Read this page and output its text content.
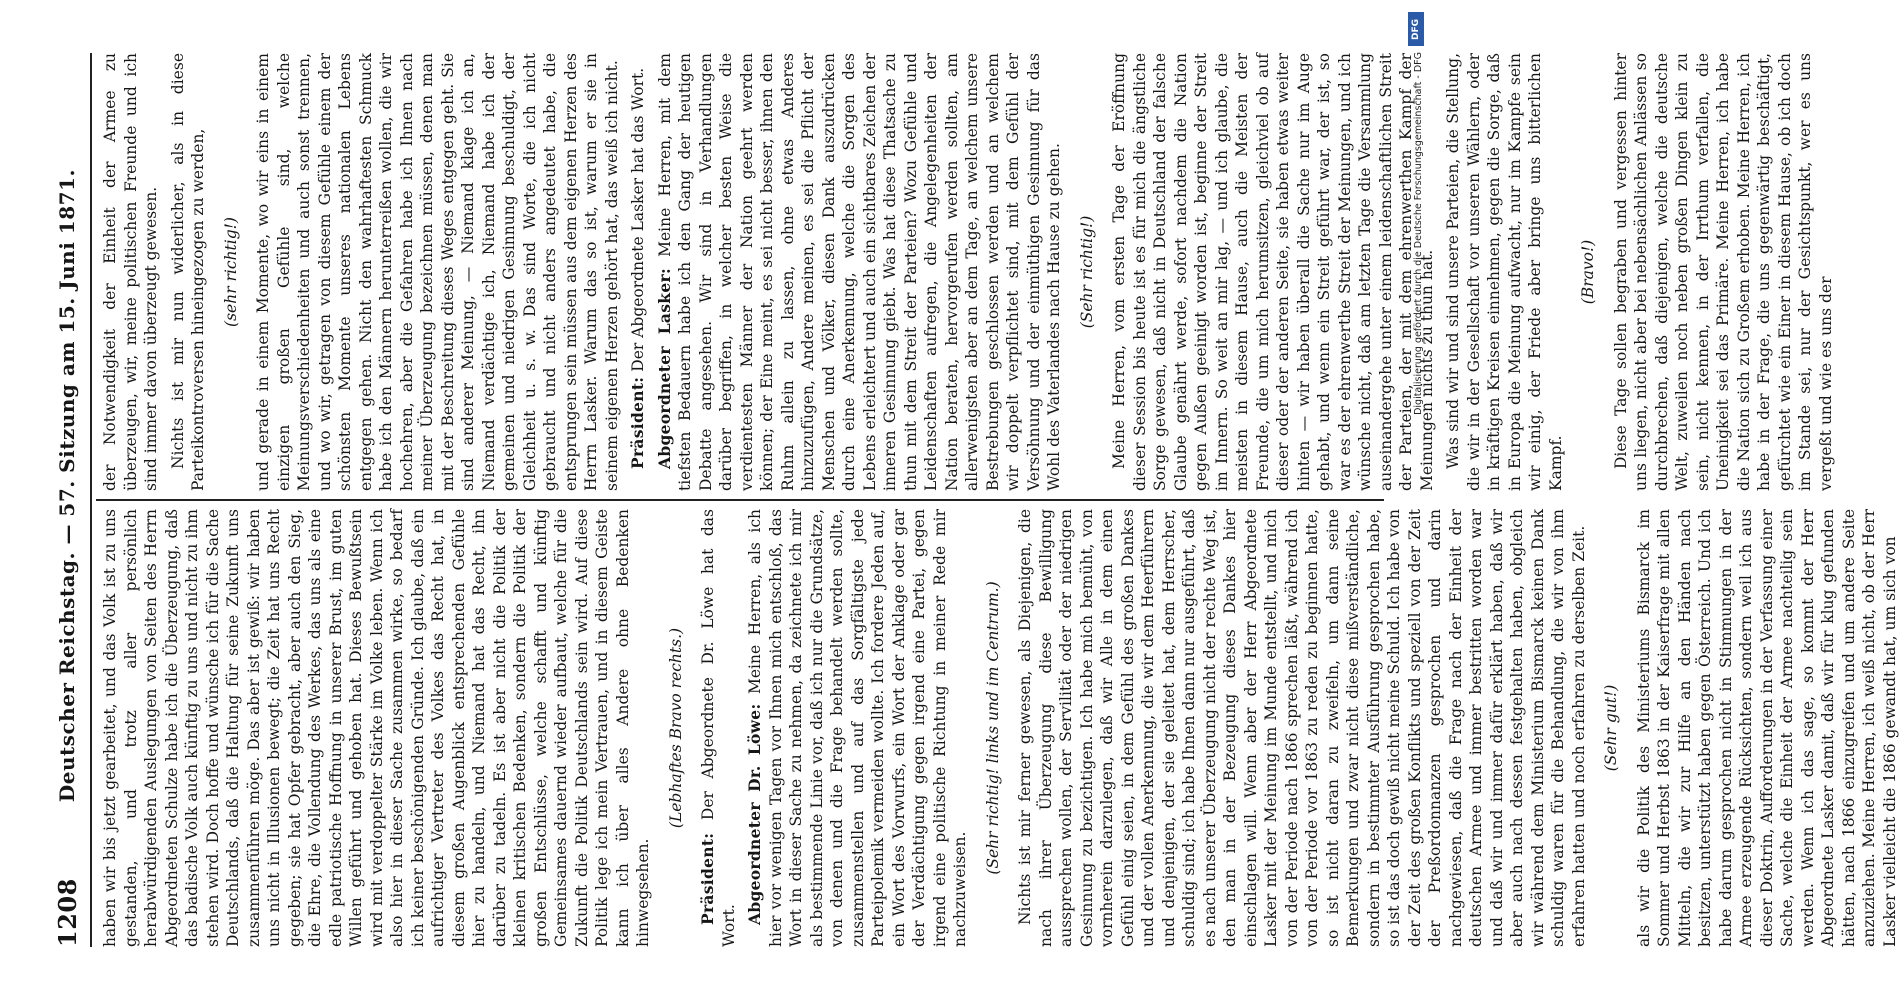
1208
Deutscher Reichstag. — 57. Sitzung am 15. Juni 1871. haben wir bis jetzt gearbeitet, und das Volk ist zu uns gestanden, und trotz aller persönlich herabwürdigenden Auslegungen von Seiten des Herrn Abgeordneten Schulze habe ich die Überzeugung, daß das badische Volk auch künftig zu uns und nicht zu ihm stehen wird. Doch hoffe und wünsche ich für die Sache Deutschlands, daß die Haltung für seine Zukunft uns zusammenführen möge. Das aber ist gewiß: wir haben uns nicht in Illusionen bewegt; die Zeit hat uns Recht gegeben; sie hat Opfer gebracht, aber auch den Sieg, die Ehre, die Vollendung des Werkes, das uns als eine edle patriotische Hoffnung in unserer Brust, im guten Willen geführt und gehoben hat. Dieses Bewußtsein wird mit verdoppelter Stärke im Volke leben. Wenn ich also hier in dieser Sache zusammen wirke, so bedarf ich keiner beschönigenden Gründe. Ich glaube, daß ein aufrichtiger Vertreter des Volkes das Recht hat, in diesem großen Augenblick entsprechenden Gefühle hier zu handeln, und Niemand hat das Recht, ihn darüber zu tadeln. Es ist aber nicht die Politik der kleinen kritischen Bedenken, sondern die Politik der großen Entschlüsse, welche schafft und künftig Gemeinsames dauernd wieder aufbaut, welche für die Zukunft die Politik Deutschlands sein wird. Auf diese Politik lege ich mein Vertrauen, und in diesem Geiste kann ich über alles Andere ohne Bedenken hinwegsehen.

(Lebhaftes Bravo rechts.)

Präsident: Der Abgeordnete Dr. Löwe hat das Wort.

Abgeordneter Dr. Löwe: Meine Herren, als ich hier vor wenigen Tagen vor Ihnen mich entschloß, das Wort in dieser Sache zu nehmen, da zeichnete ich mir als bestimmende Linie vor, daß ich nur die Grundsätze, von denen und die Frage behandelt werden sollte, zusammenstellen und auf das Sorgfältigste jede Parteipolemik vermeiden wollte. Ich fordere Jeden auf, ein Wort des Vorwurfs, ein Wort der Anklage oder gar der Verdächtigung gegen irgend eine Partei, gegen irgend eine politische Richtung in meiner Rede mir nachzuweisen.

(Sehr richtig! links und im Centrum.) Nichts ist mir ferner gewesen, als Diejenigen, die nach ihrer Überzeugung diese Bewilligung aussprechen wollen, der Servilität oder der niedrigen Gesinnung zu bezichtigen. Ich habe mich bemüht, von vornherein darzulegen, daß wir Alle in dem einen Gefühl einig seien, in dem Gefühl des großen Dankes und der vollen Anerkennung, die wir dem Heerführern und denjenigen, der sie geleitet hat, dem Herrscher, schuldig sind; ich habe Ihnen dann nur ausgeführt, daß es nach unserer Überzeugung nicht der rechte Weg ist, den man in der Bezeugung dieses Dankes hier einschlagen will. Wenn aber der Herr Abgeordnete Lasker mit der Meinung im Munde entstellt, und mich von der Periode nach 1866 sprechen läßt, während ich von der Periode vor 1863 zu reden zu beginnen hatte, so ist nicht daran zu zweifeln, um dann seine Bemerkungen und zwar nicht diese mißverständliche, sondern in bestimmter Ausführung gesprochen habe, so ist das doch gewiß nicht meine Schuld. Ich habe von der Zeit des großen Konflikts und speziell von der Zeit der Preßordonnanzen gesprochen und darin nachgewiesen, daß die Frage nach der Einheit der deutschen Armee und immer bestritten worden war und daß wir und immer dafür erklärt haben, daß wir aber auch nach dessen festgehalten haben, obgleich wir während dem Ministerium Bismarck keinen Dank schuldig waren für die Behandlung, die wir von ihm erfahren hatten und noch erfahren zu derselben Zeit. (Sehr gut!) als wir die Politik des Ministeriums Bismarck im Sommer und Herbst 1863 in der Kaiserfrage mit allen Mitteln, die wir zur Hilfe an den Händen nach besitzen, unterstützt haben gegen Österreich. Und ich habe darum gesprochen nicht in Stimmungen in der Armee erzeugende Rücksichten, sondern weil ich aus dieser Doktrin, Aufforderungen in der Verfassung einer Sache, welche die Einheit der Armee nachteilig sein werden. Wenn ich das sage, so kommt der Herr Abgeordnete Lasker damit, daß wir für klug gefunden hätten, nach 1866 einzugreifen und um andere Seite anzuziehen. Meine Herren, ich weiß nicht, ob der Herr Lasker vielleicht die 1866 gewandt hat, um sich von

der Notwendigkeit der Einheit der Armee zu überzeugen, wir, meine politischen Freunde und ich sind immer davon überzeugt gewesen. Nichts ist mir nun widerlicher, als in diese Parteikontroversen hineingezogen zu werden, (sehr richtig!) und gerade in einem Momente, wo wir eins in einem einzigen großen Gefühle sind, welche Meinungsverschiedenheiten und auch sonst trennen, und wo wir, getragen von diesem Gefühle einem der schönsten Momente unseres nationalen Lebens entgegen gehen. Nicht den wahrhaftesten Schmuck habe ich den Männern herunterreißen wollen, die wir hochehren, aber die Gefahren habe ich Ihnen nach meiner Überzeugung bezeichnen müssen, denen man mit der Beschreitung dieses Weges entgegen geht. Sie sind anderer Meinung, — Niemand klage ich an, Niemand verdächtige ich, Niemand habe ich der gemeinen und niedrigen Gesinnung beschuldigt, der Gleichheit u. s. w. Das sind Worte, die ich nicht gebraucht und nicht anders angedeutet habe, die entsprungen sein müssen aus dem eigenen Herzen des Herrn Lasker. Warum das so ist, warum er sie in seinem eigenen Herzen gehört hat, das weiß ich nicht. Präsident: Der Abgeordnete Lasker hat das Wort. Abgeordneter Lasker: Meine Herren, mit dem tiefsten Bedauern habe ich den Gang der heutigen Debatte angesehen. Wir sind in Verhandlungen darüber begriffen, in welcher besten Weise die verdientesten Männer der Nation geehrt werden können; der Eine meint, es sei nicht besser, ihnen den Ruhm allein zu lassen, ohne etwas Anderes hinzuzufügen, Andere meinen, es sei die Pflicht der Menschen und Völker, diesen Dank auszudrücken durch eine Anerkennung, welche die Sorgen des Lebens erleichtert und auch ein sichtbares Zeichen der inneren Gesinnung giebt. Was hat diese Thatsache zu thun mit dem Streit der Parteien? Wozu Gefühle und Leidenschaften aufregen, die Angelegenheiten der Nation beraten, hervorgerufen werden sollten, am allerwenigsten aber an dem Tage, an welchem unsere Bestrebungen geschlossen werden und an welchem wir doppelt verpflichtet sind, mit dem Gefühl der Versöhnung und der einmüthigen Gesinnung für das Wohl des Vaterlandes nach Hause zu gehen. (Sehr richtig!) Meine Herren, vom ersten Tage der Eröffnung dieser Session bis heute ist es für mich die ängstliche Sorge gewesen, daß nicht in Deutschland der falsche Glaube genährt werde, sofort nachdem die Nation gegen Außen geeinigt worden ist, beginne der Streit im Innern. So weit an mir lag, — und ich glaube, die meisten in diesem Hause, auch die Meisten der Freunde, die um mich herumsitzen, gleichviel ob auf dieser oder der anderen Seite, sie haben etwas weiter hinten — wir haben überall die Sache nur im Auge gehabt, und wenn ein Streit geführt war, der ist, so war es der ehrenwerthe Streit der Meinungen, und ich wünsche nicht, daß am letzten Tage die Versammlung auseinandergehe unter einem leidenschaftlichen Streit der Parteien, der mit dem ehrenwerthen Kampf der Meinungen nichts zu thun hat. Was sind wir und sind unsere Parteien, die Stellung, die wir in der Gesellschaft vor unseren Wählern, oder in kräftigen Kreisen einnehmen, gegen die Sorge, daß in Europa die Meinung aufwacht, nur im Kampfe sein wir einig, der Friede aber bringe uns bitterlichen Kampf.

(Bravo!) Diese Tage sollen begraben und vergessen hinter uns liegen, nicht aber bei nebensächlichen Anlässen so durchbrechen, daß diejenigen, welche die deutsche Welt, zuweilen noch neben großen Dingen klein zu sein, nicht kennen, in der Irrthum verfallen, die Uneinigkeit sei das Primäre. Meine Herren, ich habe die Nation sich zu Großem erhoben. Meine Herren, ich habe in der Frage, die uns gegenwärtig beschäftigt, gefürchtet wie ein Einer in diesem Hause, ob ich doch im Stande sei, nur der Gesichtspunkt, wer es uns vergeßt und wie es uns der

DFG
Digitalisierung gefördert durch die Deutsche Forschungsgemeinschaft - DFG
